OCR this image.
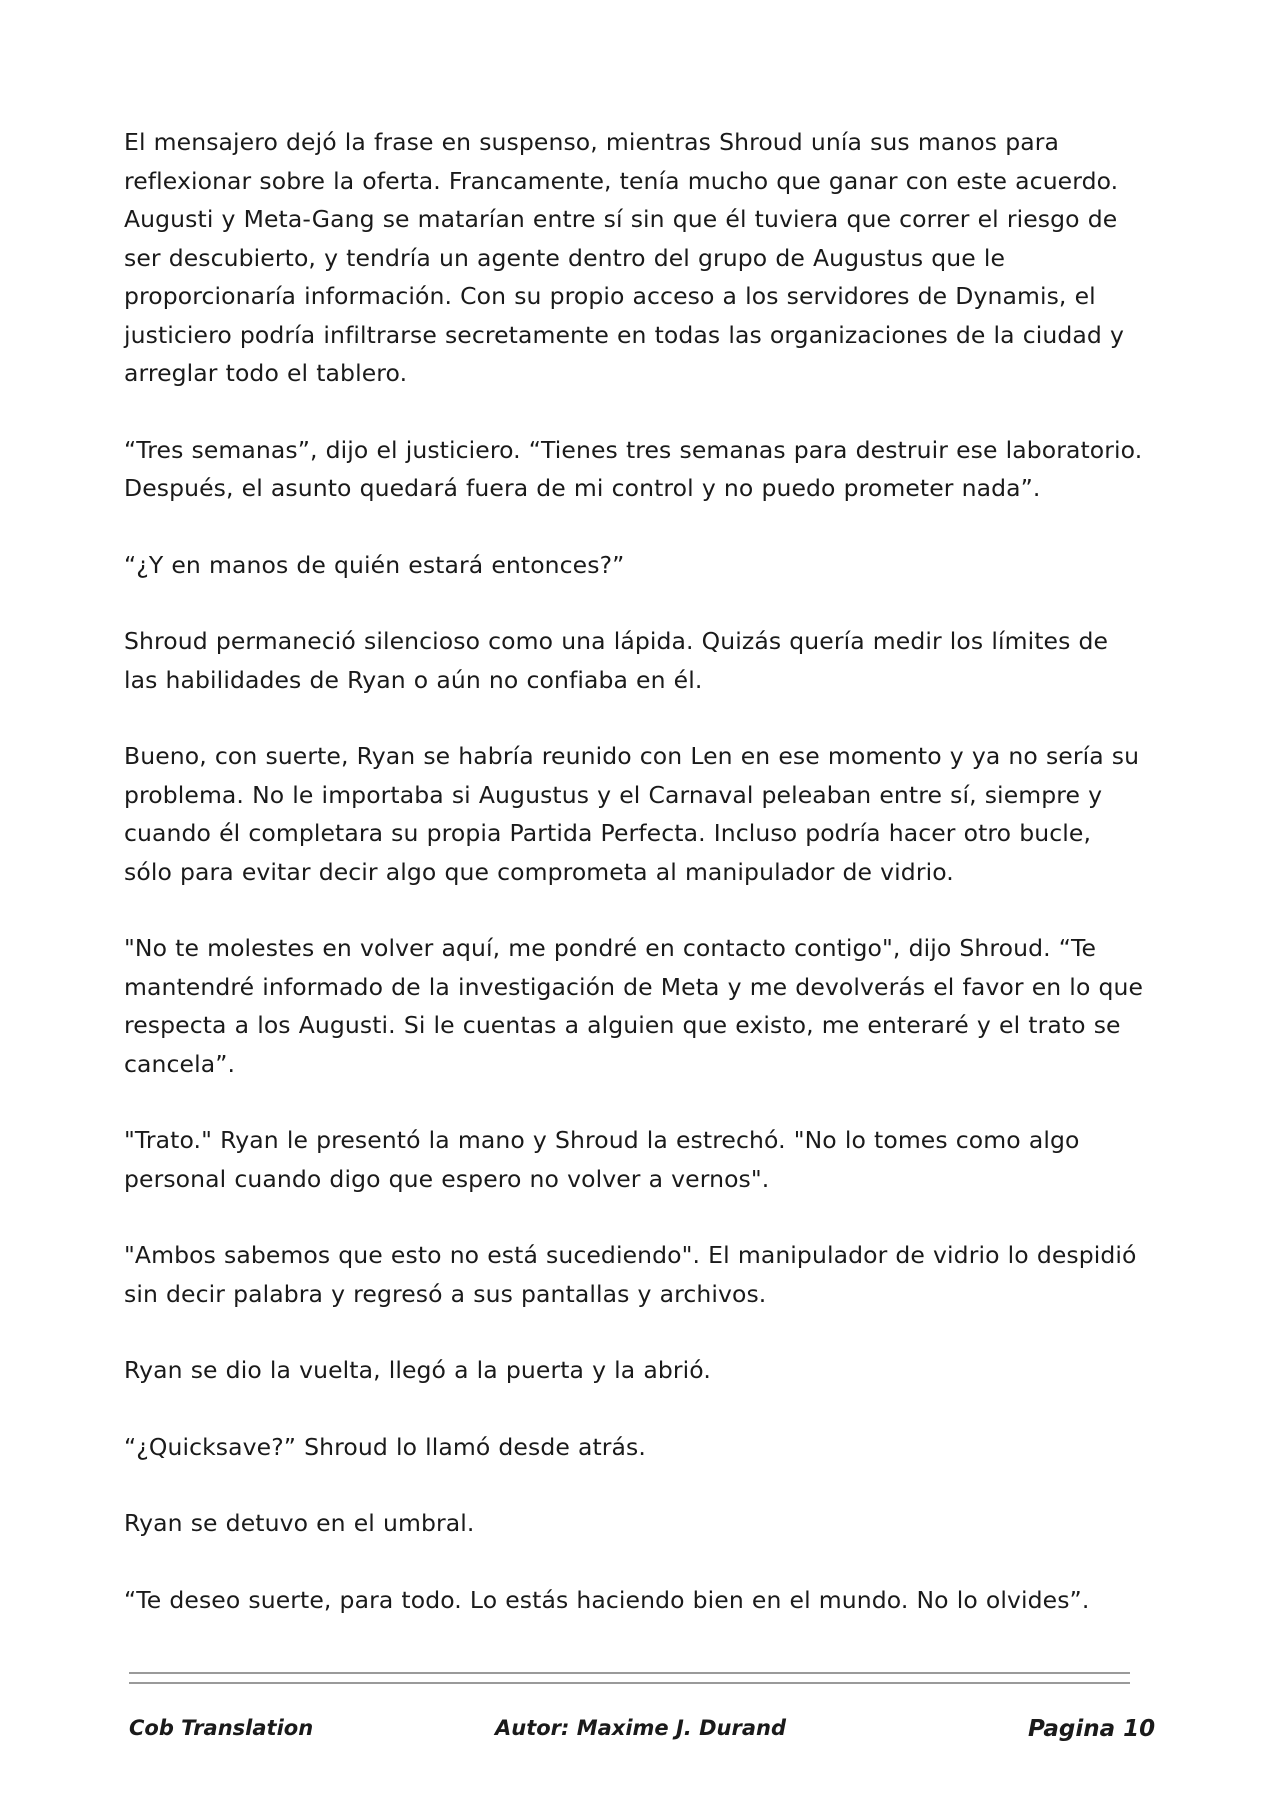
El mensajero dejó la frase en suspenso, mientras Shroud unía sus manos para reflexionar sobre la oferta. Francamente, tenía mucho que ganar con este acuerdo. Augusti y Meta-Gang se matarían entre sí sin que él tuviera que correr el riesgo de ser descubierto, y tendría un agente dentro del grupo de Augustus que le proporcionaría información. Con su propio acceso a los servidores de Dynamis, el justiciero podría infiltrarse secretamente en todas las organizaciones de la ciudad y arreglar todo el tablero.

“Tres semanas”, dijo el justiciero. “Tienes tres semanas para destruir ese laboratorio. Después, el asunto quedará fuera de mi control y no puedo prometer nada”.

“¿Y en manos de quién estará entonces?”

Shroud permaneció silencioso como una lápida. Quizás quería medir los límites de las habilidades de Ryan o aún no confiaba en él.

Bueno, con suerte, Ryan se habría reunido con Len en ese momento y ya no sería su problema. No le importaba si Augustus y el Carnaval peleaban entre sí, siempre y cuando él completara su propia Partida Perfecta. Incluso podría hacer otro bucle, sólo para evitar decir algo que comprometa al manipulador de vidrio.

"No te molestes en volver aquí, me pondré en contacto contigo", dijo Shroud. “Te mantendré informado de la investigación de Meta y me devolverás el favor en lo que respecta a los Augusti. Si le cuentas a alguien que existo, me enteraré y el trato se cancela”.

"Trato." Ryan le presentó la mano y Shroud la estrechó. "No lo tomes como algo personal cuando digo que espero no volver a vernos".

"Ambos sabemos que esto no está sucediendo". El manipulador de vidrio lo despidió sin decir palabra y regresó a sus pantallas y archivos.

Ryan se dio la vuelta, llegó a la puerta y la abrió.

“¿Quicksave?” Shroud lo llamó desde atrás.

Ryan se detuvo en el umbral.

“Te deseo suerte, para todo. Lo estás haciendo bien en el mundo. No lo olvides”.

Cob Translation	Autor: Maxime J. Durand	Pagina 10
